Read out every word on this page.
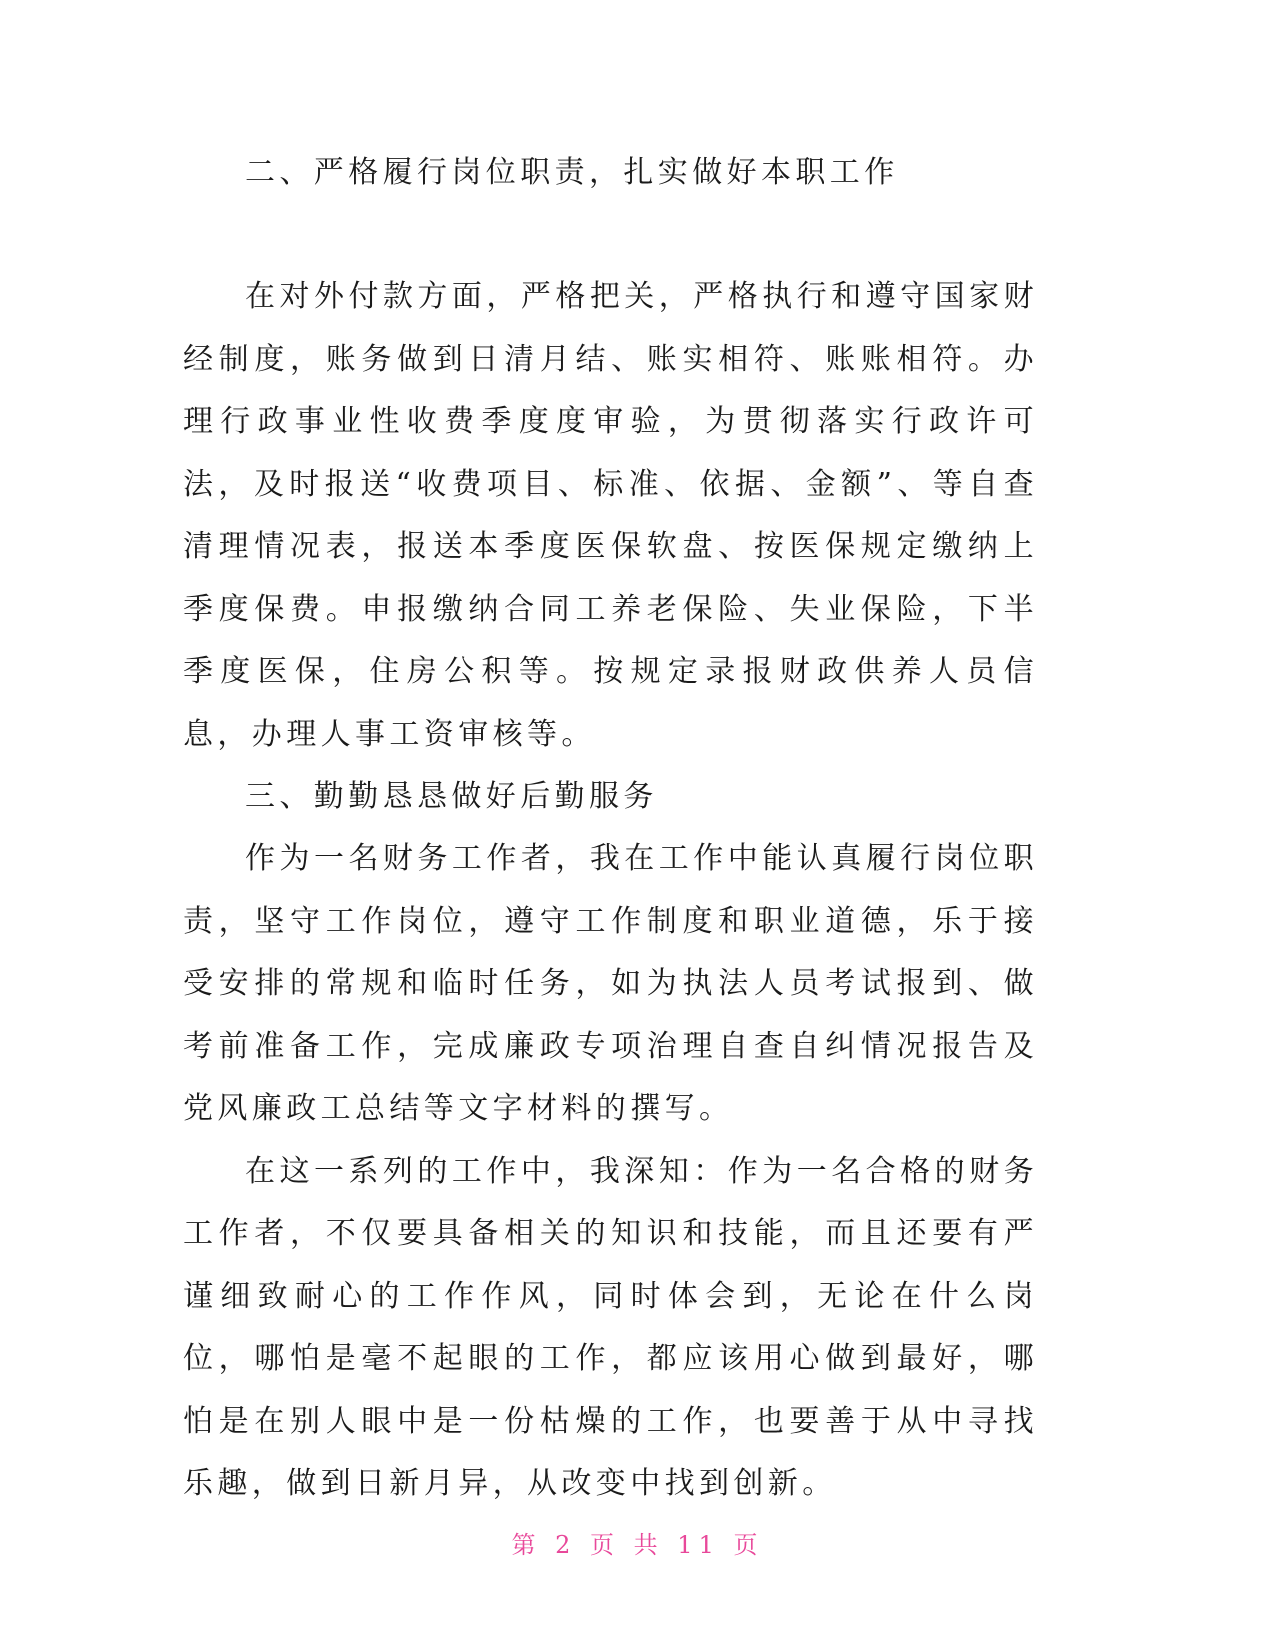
二、严格履行岗位职责，扎实做好本职工作

在对外付款方面，严格把关，严格执行和遵守国家财经制度，账务做到日清月结、账实相符、账账相符。办理行政事业性收费季度度审验，为贯彻落实行政许可法，及时报送“收费项目、标准、依据、金额”、等自查清理情况表，报送本季度医保软盘、按医保规定缴纳上季度保费。申报缴纳合同工养老保险、失业保险，下半季度医保，住房公积等。按规定录报财政供养人员信息，办理人事工资审核等。

三、勤勤恳恳做好后勤服务

作为一名财务工作者，我在工作中能认真履行岗位职责，坚守工作岗位，遵守工作制度和职业道德，乐于接受安排的常规和临时任务，如为执法人员考试报到、做考前准备工作，完成廉政专项治理自查自纠情况报告及党风廉政工总结等文字材料的撰写。

在这一系列的工作中，我深知：作为一名合格的财务工作者，不仅要具备相关的知识和技能，而且还要有严谨细致耐心的工作作风，同时体会到，无论在什么岗位，哪怕是毫不起眼的工作，都应该用心做到最好，哪怕是在别人眼中是一份枯燥的工作，也要善于从中寻找乐趣，做到日新月异，从改变中找到创新。

第 2 页 共 11 页
